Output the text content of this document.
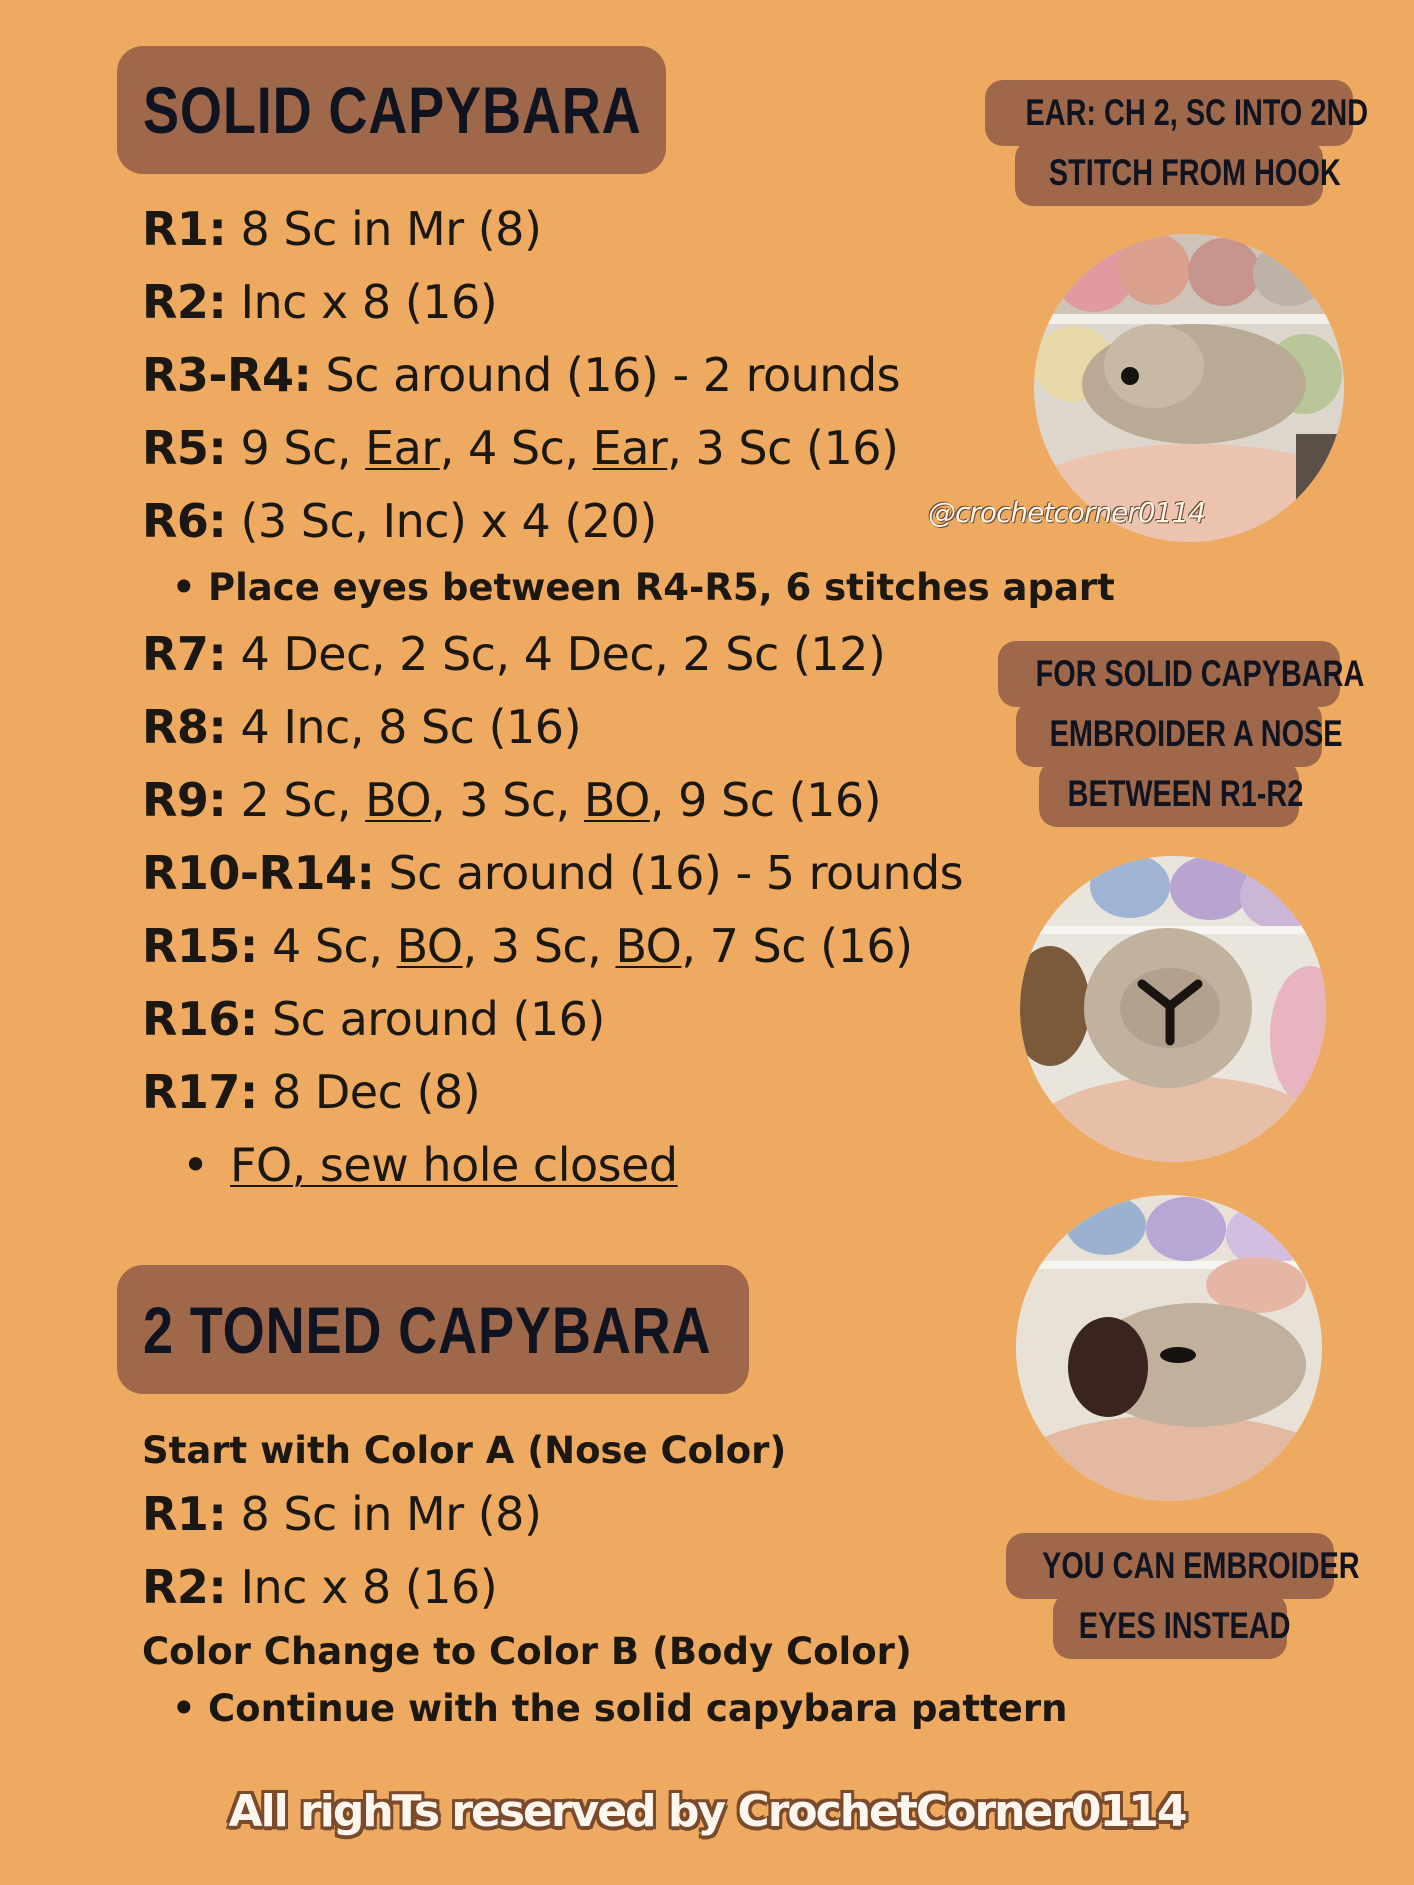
SOLID CAPYBARA
R1: 8 Sc in Mr (8)
R2: Inc x 8 (16)
R3-R4: Sc around (16) - 2 rounds
R5: 9 Sc, Ear, 4 Sc, Ear, 3 Sc (16)
R6: (3 Sc, Inc) x 4 (20)
• Place eyes between R4-R5, 6 stitches apart
R7: 4 Dec, 2 Sc, 4 Dec, 2 Sc (12)
R8: 4 Inc, 8 Sc (16)
R9: 2 Sc, BO, 3 Sc, BO, 9 Sc (16)
R10-R14: Sc around (16) - 5 rounds
R15: 4 Sc, BO, 3 Sc, BO, 7 Sc (16)
R16: Sc around (16)
R17: 8 Dec (8)
• FO, sew hole closed
2 TONED CAPYBARA
Start with Color A (Nose Color)
R1: 8 Sc in Mr (8)
R2: Inc x 8 (16)
Color Change to Color B (Body Color)
• Continue with the solid capybara pattern
EAR: CH 2, SC INTO 2ND
STITCH FROM HOOK
FOR SOLID CAPYBARA
EMBROIDER A NOSE
BETWEEN R1-R2
YOU CAN EMBROIDER
EYES INSTEAD
@crochetcorner0114
All righTs reserved by CrochetCorner0114
